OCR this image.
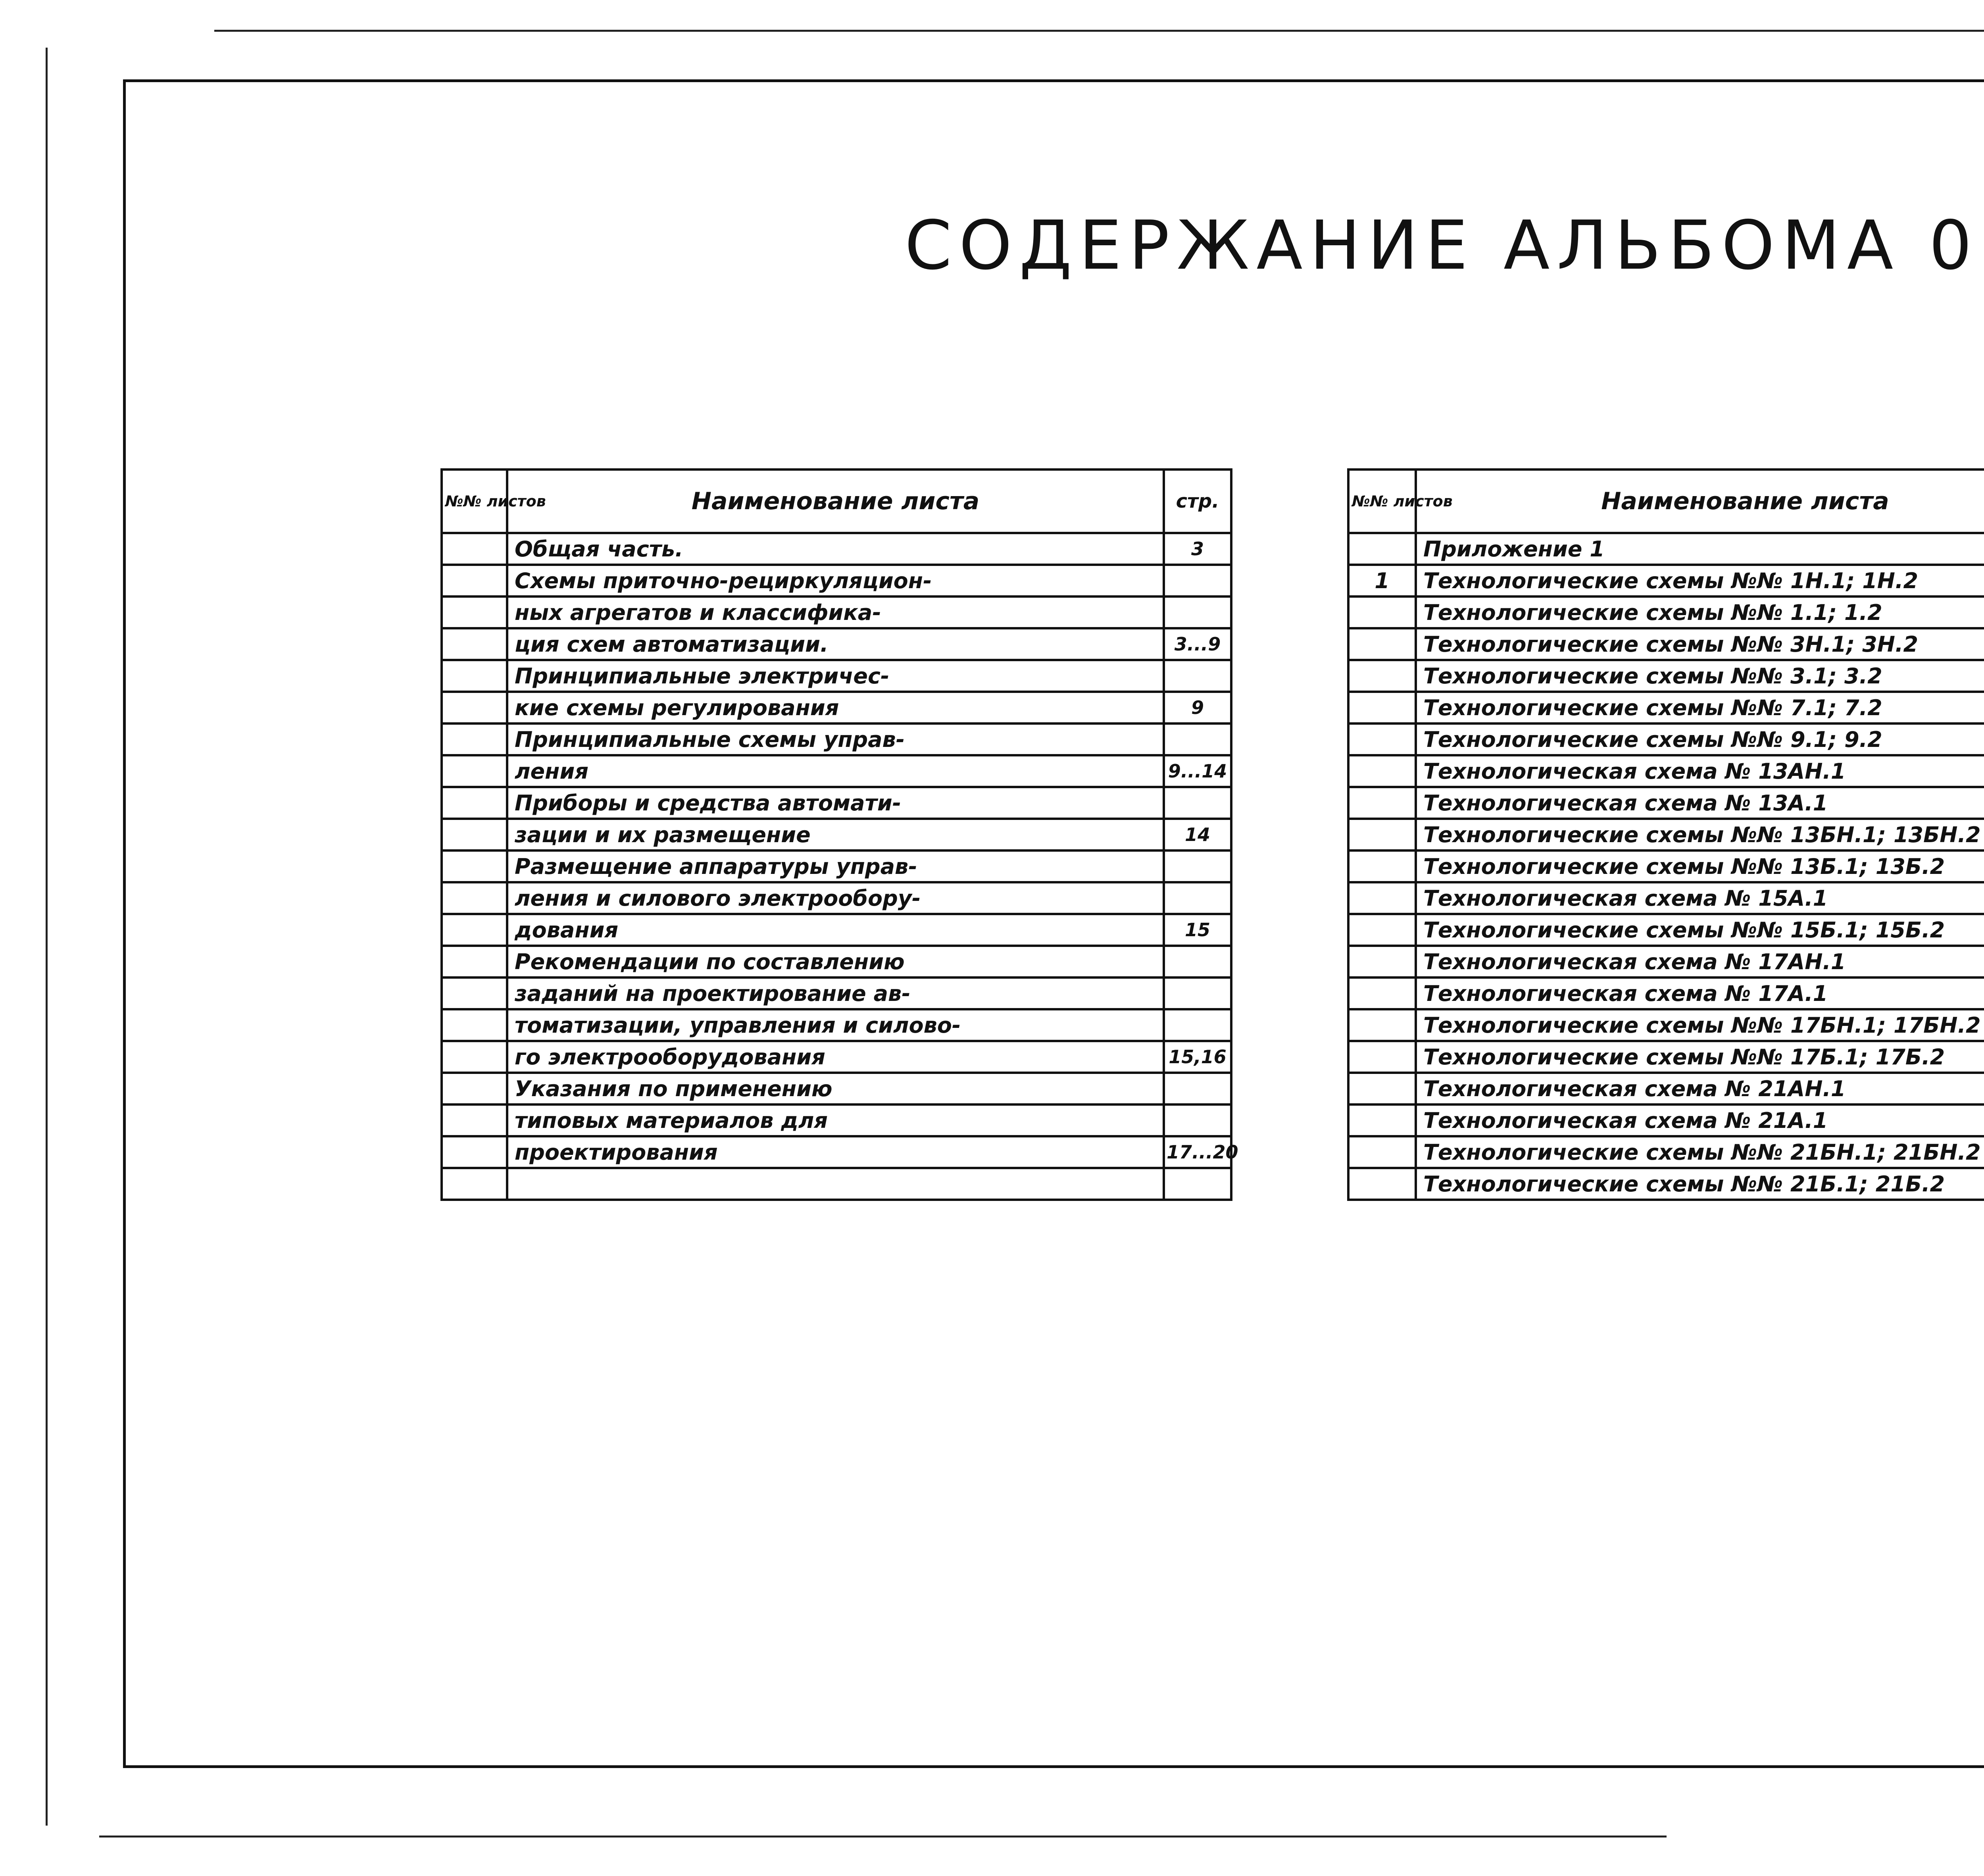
СОДЕРЖАНИЕ АЛЬБОМА 0
№№ листов	Наименование листа	стр.
	Общая часть.	3
	Схемы приточно-рециркуляцион-	
	ных агрегатов и классифика-	
	ция схем автоматизации.	3...9
	Принципиальные электричес-	
	кие схемы регулирования	9
	Принципиальные схемы управ-	
	ления	9...14
	Приборы и средства автомати-	
	зации и их размещение	14
	Размещение аппаратуры управ-	
	ления и силового электрообору-	
	дования	15
	Рекомендации по составлению	
	заданий на проектирование ав-	
	томатизации, управления и силово-	
	го электрооборудования	15,16
	Указания по применению	
	типовых материалов для	
	проектирования	17...20

№№ листов	Наименование листа	
	Приложение 1	
1	Технологические схемы №№ 1Н.1; 1Н.2	
	Технологические схемы №№ 1.1; 1.2	
	Технологические схемы №№ 3Н.1; 3Н.2	
	Технологические схемы №№ 3.1; 3.2	
	Технологические схемы №№ 7.1; 7.2	
	Технологические схемы №№ 9.1; 9.2	
	Технологическая схема № 13АН.1	
	Технологическая схема № 13А.1	
	Технологические схемы №№ 13БН.1; 13БН.2	
	Технологические схемы №№ 13Б.1; 13Б.2	
	Технологическая схема № 15А.1	
	Технологические схемы №№ 15Б.1; 15Б.2	
	Технологическая схема № 17АН.1	
	Технологическая схема № 17А.1	
	Технологические схемы №№ 17БН.1; 17БН.2	
	Технологические схемы №№ 17Б.1; 17Б.2	
	Технологическая схема № 21АН.1	
	Технологическая схема № 21А.1	
	Технологические схемы №№ 21БН.1; 21БН.2	
	Технологические схемы №№ 21Б.1; 21Б.2	
